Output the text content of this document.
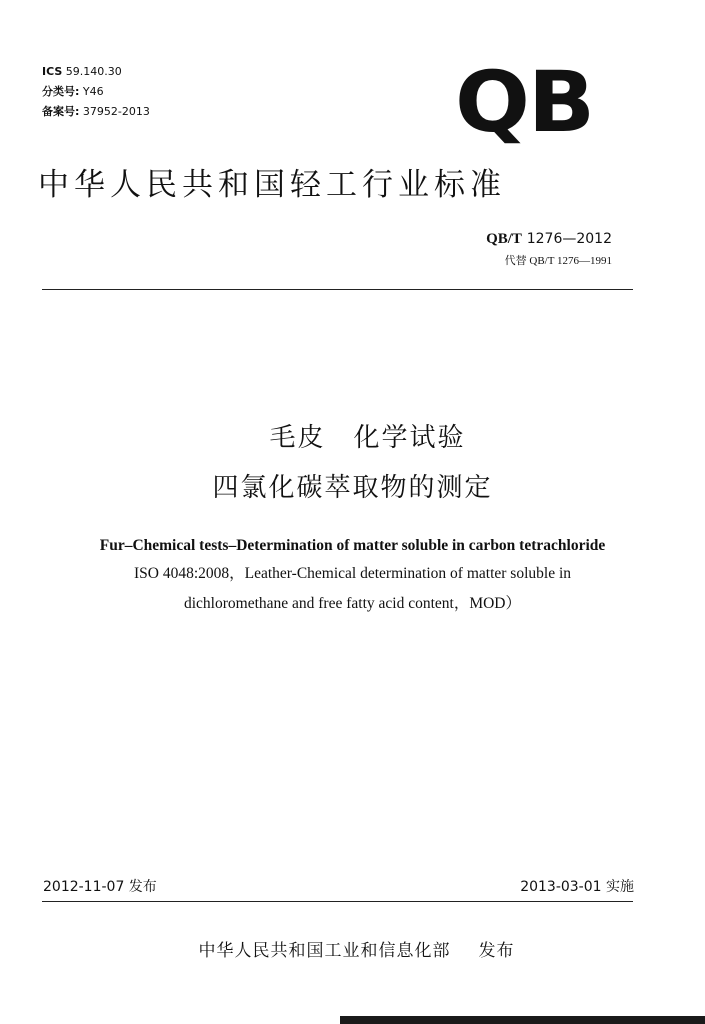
ICS 59.140.30
分类号: Y46
备案号: 37952-2013	QB
中华人民共和国轻工行业标准
QB/T 1276—2012
代替 QB/T 1276—1991
毛皮　化学试验
四氯化碳萃取物的测定
Fur–Chemical tests–Determination of matter soluble in carbon tetrachloride
ISO 4048:2008，Leather-Chemical determination of matter soluble in
dichloromethane and free fatty acid content，MOD）
2012-11-07 发布	2013-03-01 实施
中华人民共和国工业和信息化部 发布
